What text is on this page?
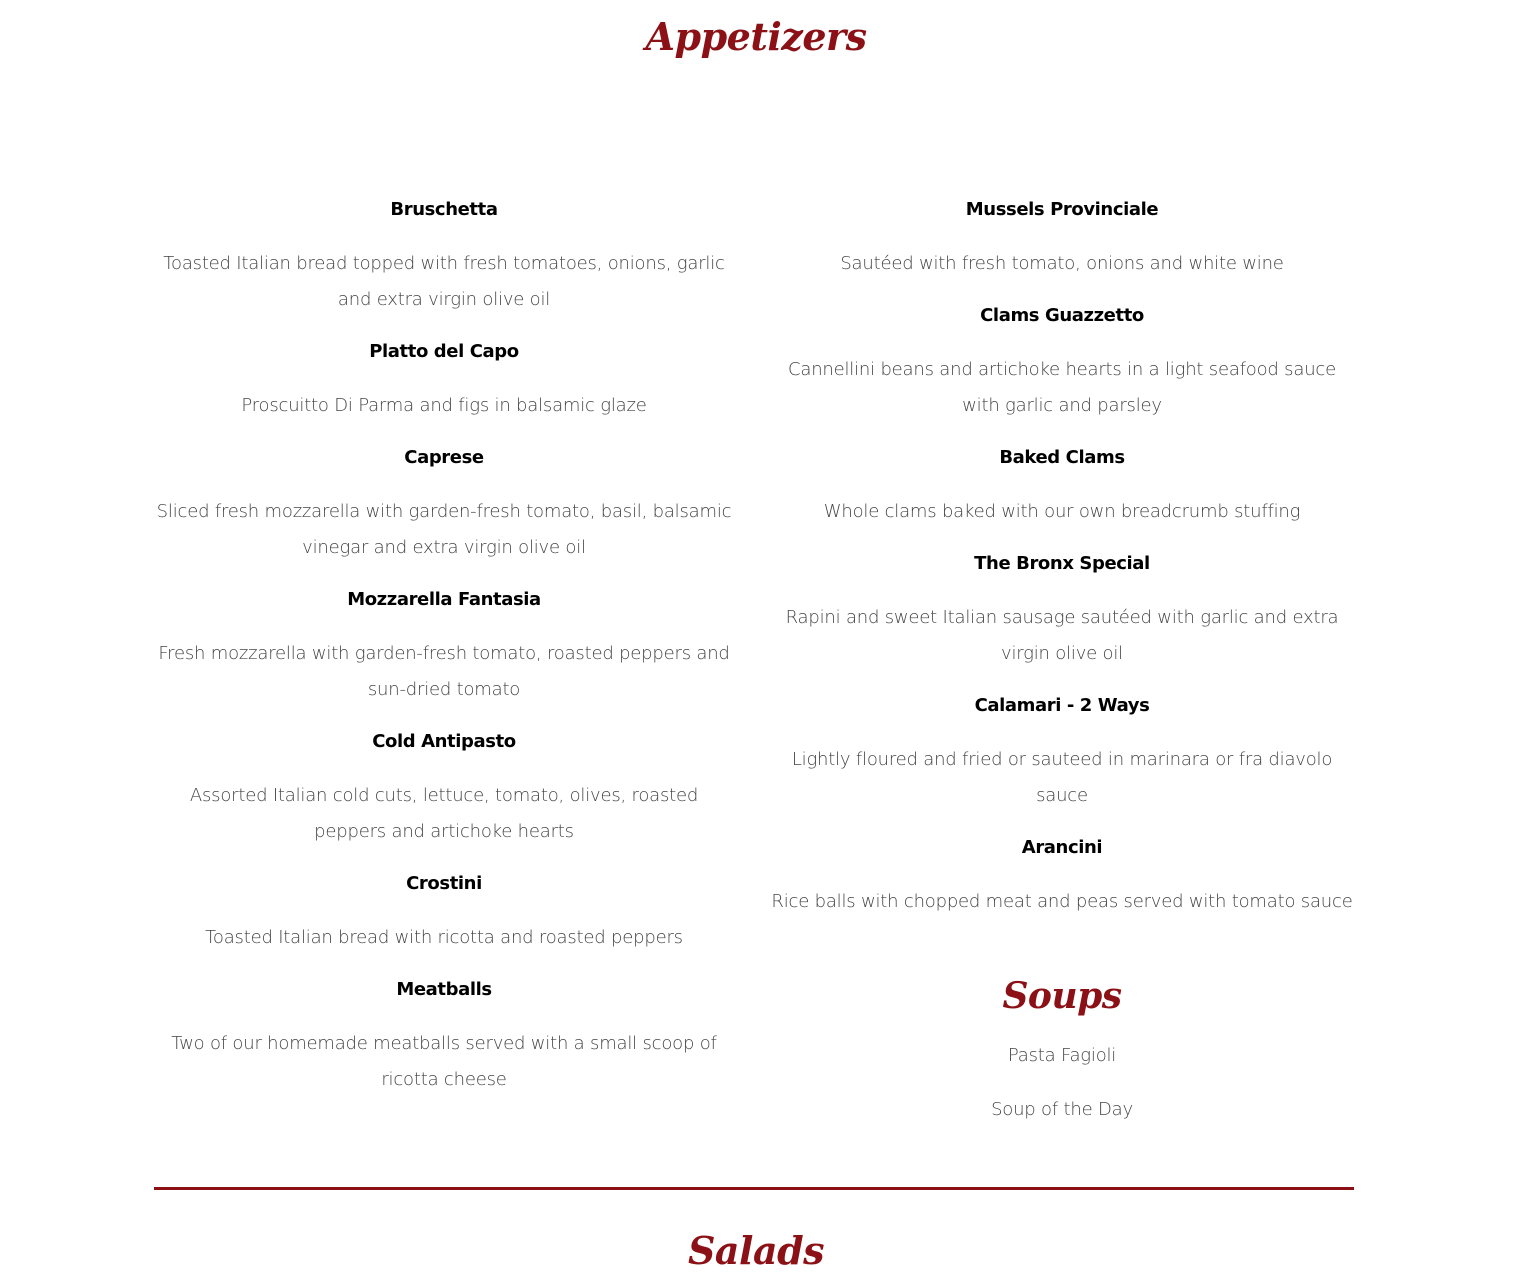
Appetizers

Bruschetta

Toasted Italian bread topped with fresh tomatoes, onions, garlic and extra virgin olive oil

Platto del Capo

Proscuitto Di Parma and figs in balsamic glaze

Caprese

Sliced fresh mozzarella with garden-fresh tomato, basil, balsamic vinegar and extra virgin olive oil

Mozzarella Fantasia

Fresh mozzarella with garden-fresh tomato, roasted peppers and sun-dried tomato

Cold Antipasto

Assorted Italian cold cuts, lettuce, tomato, olives, roasted peppers and artichoke hearts

Crostini

Toasted Italian bread with ricotta and roasted peppers

Meatballs

Two of our homemade meatballs served with a small scoop of ricotta cheese

Mussels Provinciale

Sautéed with fresh tomato, onions and white wine

Clams Guazzetto

Cannellini beans and artichoke hearts in a light seafood sauce with garlic and parsley

Baked Clams

Whole clams baked with our own breadcrumb stuffing

The Bronx Special

Rapini and sweet Italian sausage sautéed with garlic and extra virgin olive oil

Calamari - 2 Ways

Lightly floured and fried or sauteed in marinara or fra diavolo sauce

Arancini

Rice balls with chopped meat and peas served with tomato sauce

Soups

Pasta Fagioli

Soup of the Day

Salads
